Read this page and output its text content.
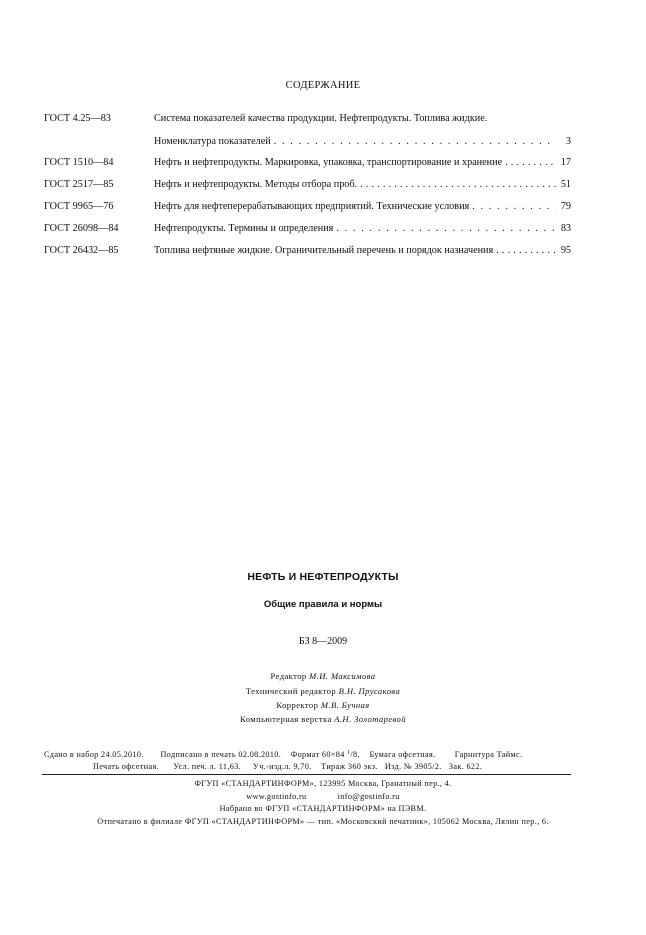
СОДЕРЖАНИЕ
ГОСТ 4.25—83	Система показателей качества продукции. Нефтепродукты. Топлива жидкие.
Номенклатура показателей . . .	3
ГОСТ 1510—84	Нефть и нефтепродукты. Маркировка, упаковка, транспортирование и хранение . . .	17
ГОСТ 2517—85	Нефть и нефтепродукты. Методы отбора проб. . . .	51
ГОСТ 9965—76	Нефть для нефтеперерабатывающих предприятий. Технические условия . . .	79
ГОСТ 26098—84	Нефтепродукты. Термины и определения . . .	83
ГОСТ 26432—85	Топлива нефтяные жидкие. Ограничительный перечень и порядок назначения . . .	95
НЕФТЬ И НЕФТЕПРОДУКТЫ
Общие правила и нормы
БЗ 8—2009
Редактор М.И. Максимова
Технический редактор В.Н. Прусакова
Корректор М.В. Бучная
Компьютерная верстка А.Н. Золотаревой
Сдано в набор 24.05.2010. Подписано в печать 02.08.2010. Формат 60×84 $^1$/8. Бумага офсетная. Гарнитура Таймс.
Печать офсетная. Усл. печ. л. 11,63. Уч.-изд.л. 9,70. Тираж 360 экз. Изд. № 3905/2. Зак. 622.
ФГУП «СТАНДАРТИНФОРМ», 123995 Москва, Гранатный пер., 4.
www.gostinfo.ru	info@gostinfo.ru
Набрано во ФГУП «СТАНДАРТИНФОРМ» на ПЭВМ.
Отпечатано в филиале ФГУП «СТАНДАРТИНФОРМ» — тип. «Московский печатник», 105062 Москва, Лялин пер., 6.
